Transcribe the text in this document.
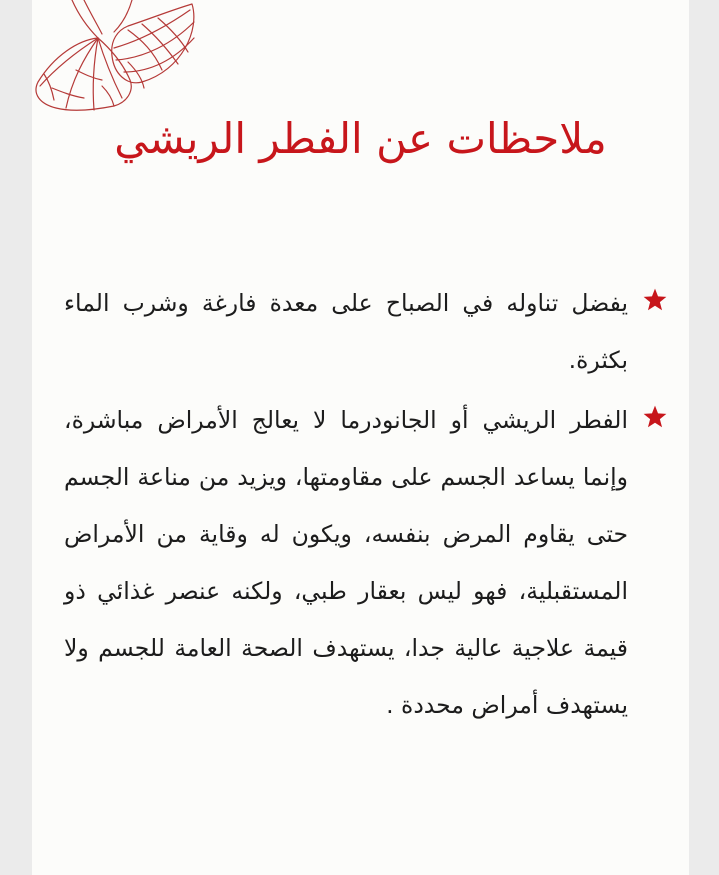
ملاحظات عن الفطر الريشي
يفضل تناوله في الصباح على معدة فارغة وشرب الماء بكثرة.
الفطر الريشي أو الجانودرما لا يعالج الأمراض مباشرة، وإنما يساعد الجسم على مقاومتها، ويزيد من مناعة الجسم حتى يقاوم المرض بنفسه، ويكون له وقاية من الأمراض المستقبلية، فهو ليس بعقار طبي، ولكنه عنصر غذائي ذو قيمة علاجية عالية جدا، يستهدف الصحة العامة للجسم ولا يستهدف أمراض محددة .
